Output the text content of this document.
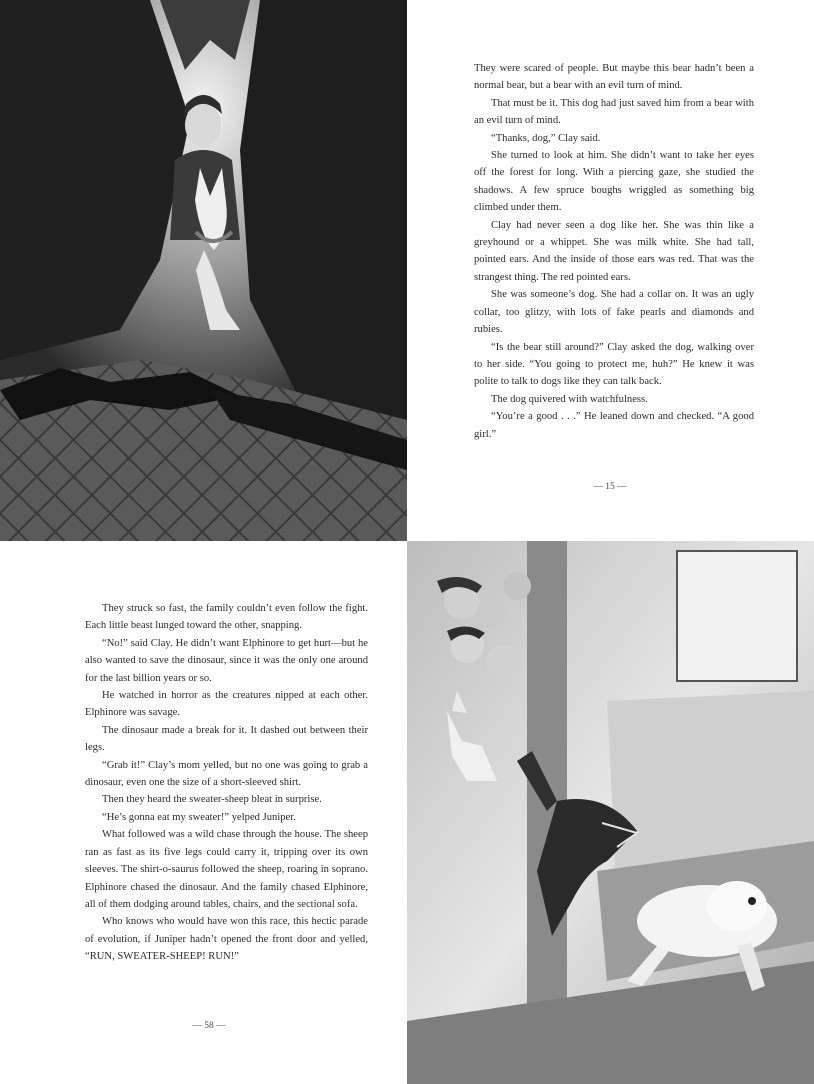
They were scared of people. But maybe this bear hadn’t been a normal bear, but a bear with an evil turn of mind.

That must be it. This dog had just saved him from a bear with an evil turn of mind.

“Thanks, dog,” Clay said.

She turned to look at him. She didn’t want to take her eyes off the forest for long. With a piercing gaze, she studied the shadows. A few spruce boughs wriggled as something big climbed under them.

Clay had never seen a dog like her. She was thin like a greyhound or a whippet. She was milk white. She had tall, pointed ears. And the inside of those ears was red. That was the strangest thing. The red pointed ears.

She was someone’s dog. She had a collar on. It was an ugly collar, too glitzy, with lots of fake pearls and diamonds and rubies.

“Is the bear still around?” Clay asked the dog, walking over to her side. “You going to protect me, huh?” He knew it was polite to talk to dogs like they can talk back.

The dog quivered with watchfulness.

“You’re a good . . .” He leaned down and checked. “A good girl.”

— 15 —

They struck so fast, the family couldn’t even follow the fight. Each little beast lunged toward the other, snapping.

“No!” said Clay. He didn’t want Elphinore to get hurt—but he also wanted to save the dinosaur, since it was the only one around for the last billion years or so.

He watched in horror as the creatures nipped at each other. Elphinore was savage.

The dinosaur made a break for it. It dashed out between their legs.

“Grab it!” Clay’s mom yelled, but no one was going to grab a dinosaur, even one the size of a short-sleeved shirt.

Then they heard the sweater-sheep bleat in surprise.

“He’s gonna eat my sweater!” yelped Juniper.

What followed was a wild chase through the house. The sheep ran as fast as its five legs could carry it, tripping over its own sleeves. The shirt-o-saurus followed the sheep, roaring in soprano. Elphinore chased the dinosaur. And the family chased Elphinore, all of them dodging around tables, chairs, and the sectional sofa.

Who knows who would have won this race, this hectic parade of evolution, if Juniper hadn’t opened the front door and yelled, “RUN, SWEATER-SHEEP! RUN!”

— 58 —
